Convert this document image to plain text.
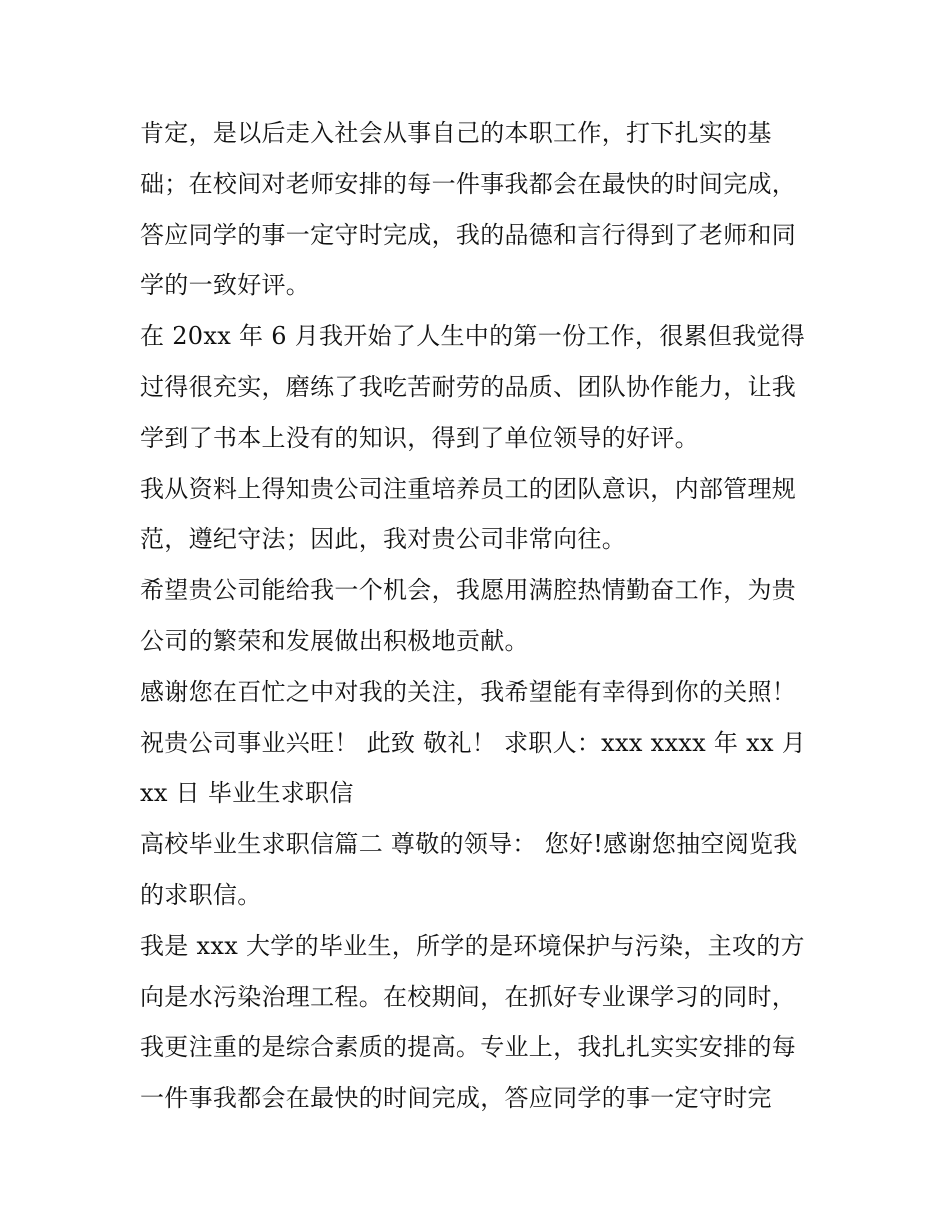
肯定，是以后走入社会从事自己的本职工作，打下扎实的基
础；在校间对老师安排的每一件事我都会在最快的时间完成，
答应同学的事一定守时完成，我的品德和言行得到了老师和同
学的一致好评。
在 20xx 年 6 月我开始了人生中的第一份工作，很累但我觉得
过得很充实，磨练了我吃苦耐劳的品质、团队协作能力，让我
学到了书本上没有的知识，得到了单位领导的好评。
我从资料上得知贵公司注重培养员工的团队意识，内部管理规
范，遵纪守法；因此，我对贵公司非常向往。
希望贵公司能给我一个机会，我愿用满腔热情勤奋工作，为贵
公司的繁荣和发展做出积极地贡献。
感谢您在百忙之中对我的关注，我希望能有幸得到你的关照！
祝贵公司事业兴旺！ 此致 敬礼！ 求职人：xxx xxxx 年 xx 月
xx 日 毕业生求职信
高校毕业生求职信篇二 尊敬的领导： 您好!感谢您抽空阅览我
的求职信。
我是 xxx 大学的毕业生，所学的是环境保护与污染，主攻的方
向是水污染治理工程。在校期间，在抓好专业课学习的同时，
我更注重的是综合素质的提高。专业上，我扎扎实实安排的每
一件事我都会在最快的时间完成，答应同学的事一定守时完
